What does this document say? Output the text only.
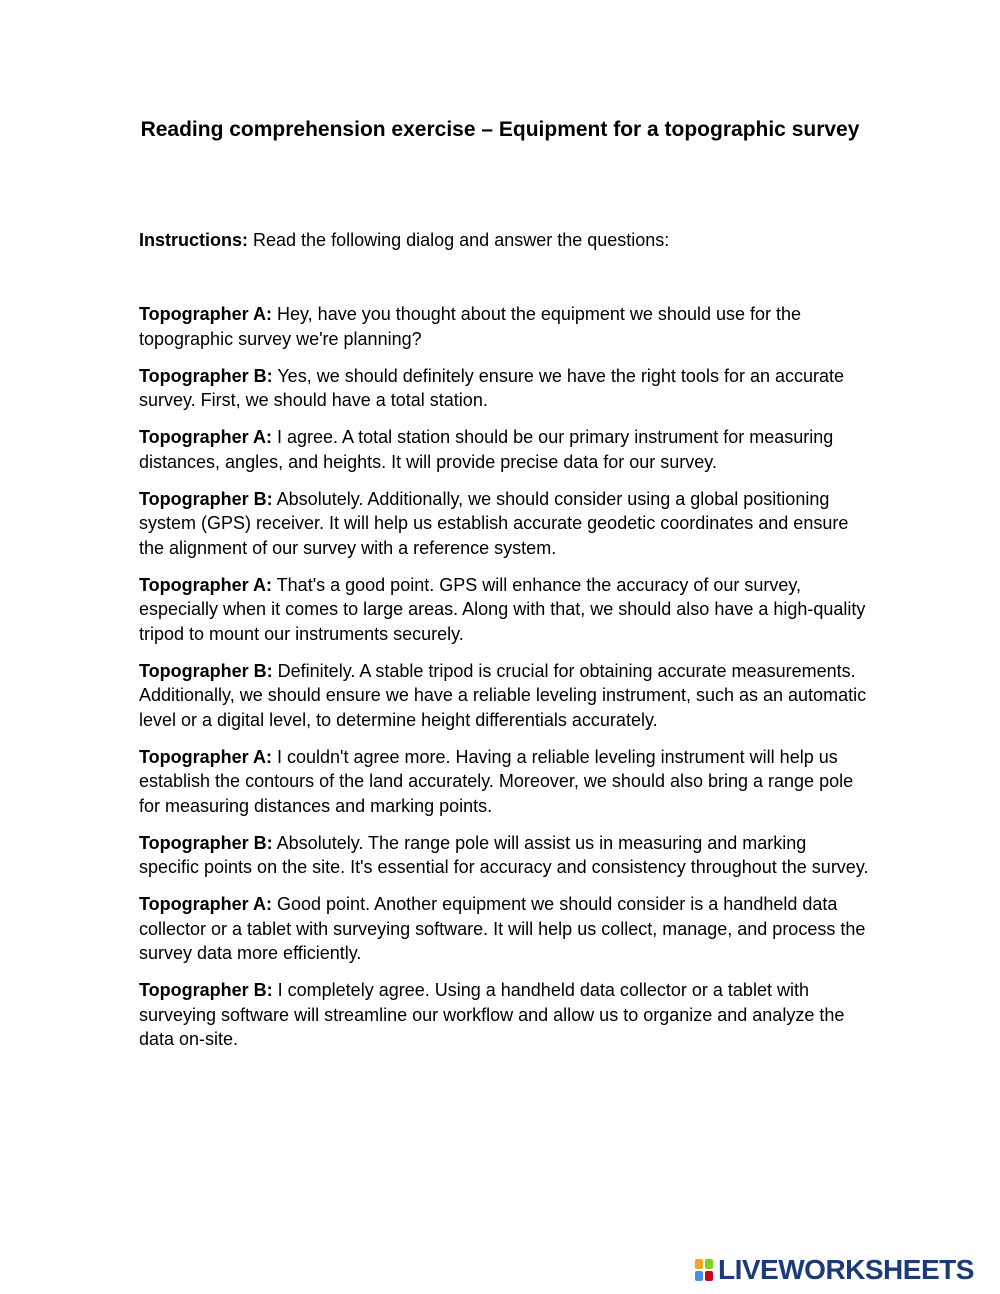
Reading comprehension exercise – Equipment for a topographic survey

Instructions: Read the following dialog and answer the questions:

Topographer A: Hey, have you thought about the equipment we should use for the topographic survey we're planning?

Topographer B: Yes, we should definitely ensure we have the right tools for an accurate survey. First, we should have a total station.

Topographer A: I agree. A total station should be our primary instrument for measuring distances, angles, and heights. It will provide precise data for our survey.

Topographer B: Absolutely. Additionally, we should consider using a global positioning system (GPS) receiver. It will help us establish accurate geodetic coordinates and ensure the alignment of our survey with a reference system.

Topographer A: That's a good point. GPS will enhance the accuracy of our survey, especially when it comes to large areas. Along with that, we should also have a high-quality tripod to mount our instruments securely.

Topographer B: Definitely. A stable tripod is crucial for obtaining accurate measurements. Additionally, we should ensure we have a reliable leveling instrument, such as an automatic level or a digital level, to determine height differentials accurately.

Topographer A: I couldn't agree more. Having a reliable leveling instrument will help us establish the contours of the land accurately. Moreover, we should also bring a range pole for measuring distances and marking points.

Topographer B: Absolutely. The range pole will assist us in measuring and marking specific points on the site. It's essential for accuracy and consistency throughout the survey.

Topographer A: Good point. Another equipment we should consider is a handheld data collector or a tablet with surveying software. It will help us collect, manage, and process the survey data more efficiently.

Topographer B: I completely agree. Using a handheld data collector or a tablet with surveying software will streamline our workflow and allow us to organize and analyze the data on-site.

LIVEWORKSHEETS
